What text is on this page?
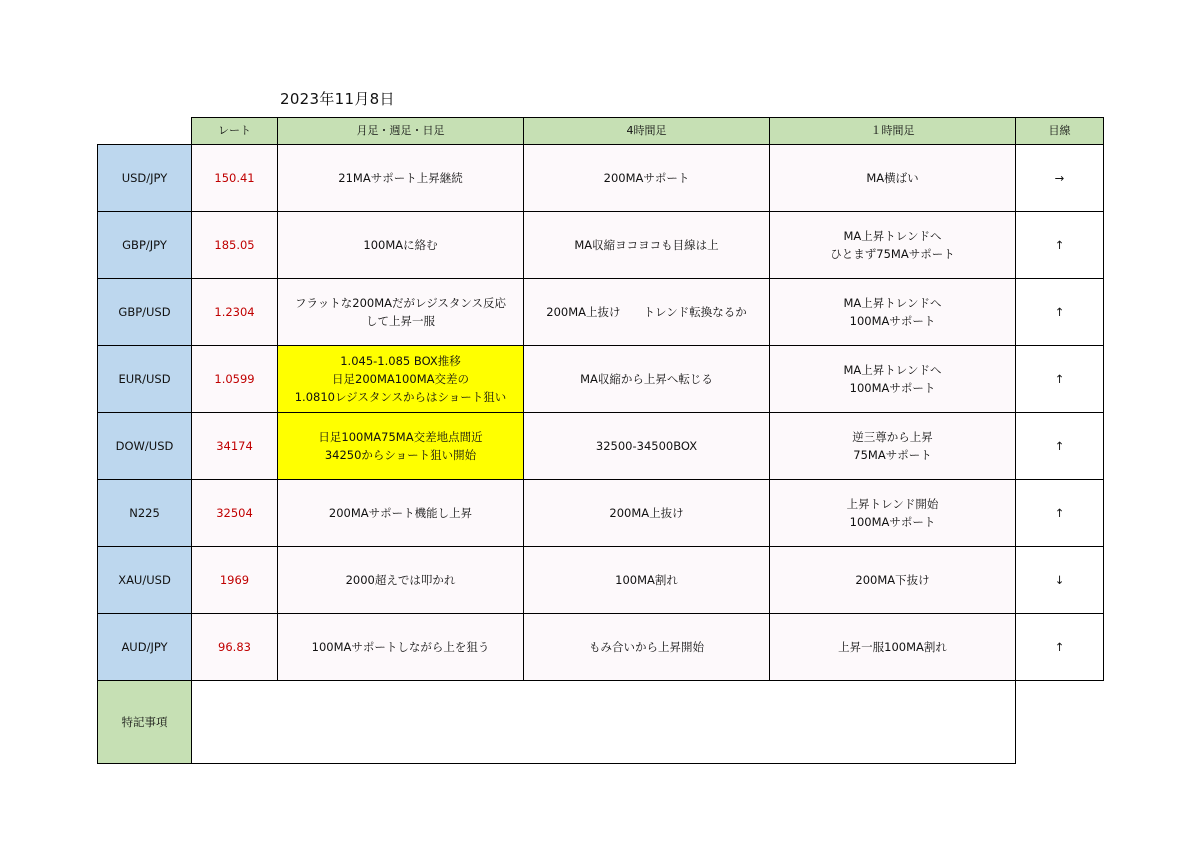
2023年11月8日
	レート	月足・週足・日足	4時間足	１時間足	目線
USD/JPY	150.41	21MAサポート上昇継続	200MAサポート	MA横ばい	→
GBP/JPY	185.05	100MAに絡む	MA収縮ヨコヨコも目線は上	MA上昇トレンドへ
ひとまず75MAサポート	↑
GBP/USD	1.2304	フラットな200MAだがレジスタンス反応
して上昇一服	200MA上抜け　　トレンド転換なるか	MA上昇トレンドへ
100MAサポート	↑
EUR/USD	1.0599	1.045-1.085 BOX推移
日足200MA100MA交差の
1.0810レジスタンスからはショート狙い	MA収縮から上昇へ転じる	MA上昇トレンドへ
100MAサポート	↑
DOW/USD	34174	日足100MA75MA交差地点間近
34250からショート狙い開始	32500-34500BOX	逆三尊から上昇
75MAサポート	↑
N225	32504	200MAサポート機能し上昇	200MA上抜け	上昇トレンド開始
100MAサポート	↑
XAU/USD	1969	2000超えでは叩かれ	100MA割れ	200MA下抜け	↓
AUD/JPY	96.83	100MAサポートしながら上を狙う	もみ合いから上昇開始	上昇一服100MA割れ	↑
特記事項					
